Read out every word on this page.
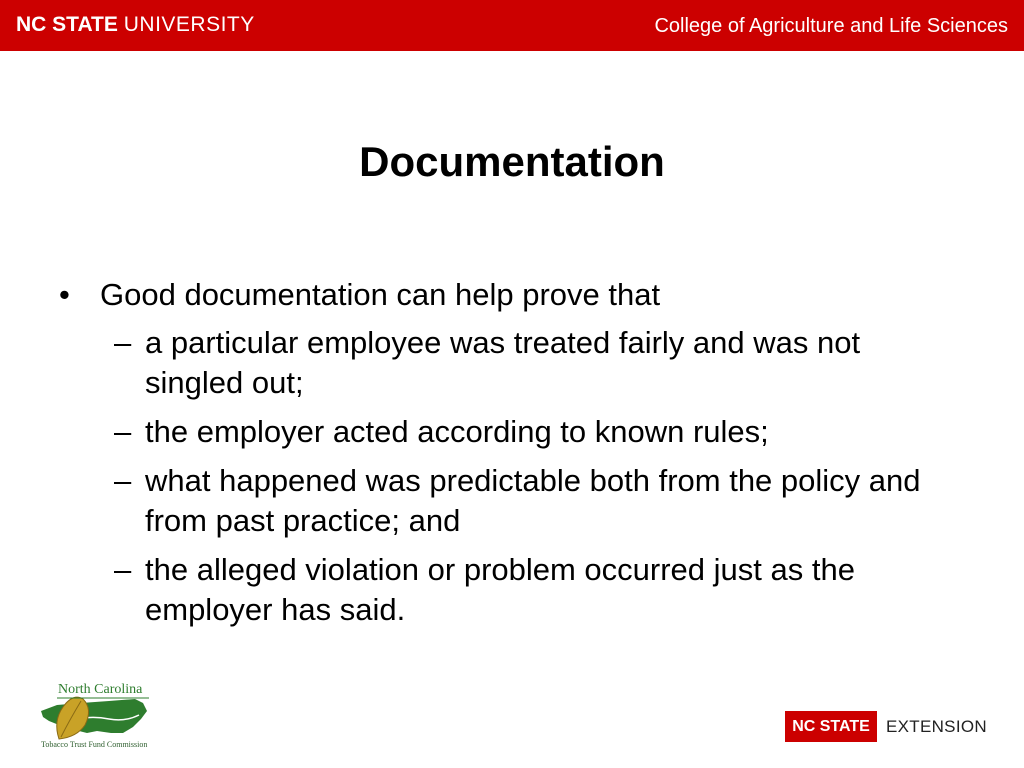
NC STATE UNIVERSITY	College of Agriculture and Life Sciences
Documentation
• Good documentation can help prove that
– a particular employee was treated fairly and was not singled out;
– the employer acted according to known rules;
– what happened was predictable both from the policy and from past practice; and
– the alleged violation or problem occurred just as the employer has said.
North Carolina
Tobacco Trust Fund Commission
NC STATE EXTENSION
